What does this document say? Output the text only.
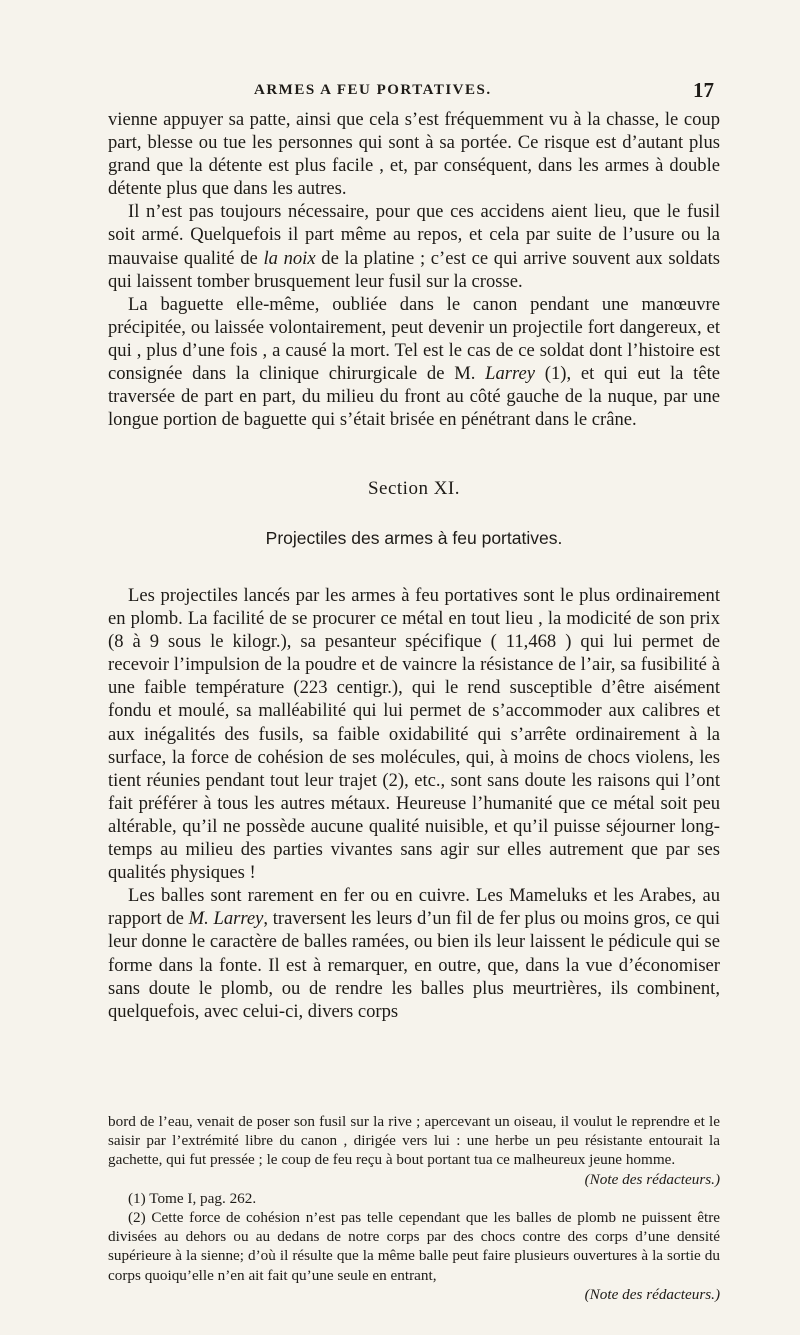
ARMES A FEU PORTATIVES.	17

vienne appuyer sa patte, ainsi que cela s’est fréquemment vu à la chasse, le coup part, blesse ou tue les personnes qui sont à sa portée. Ce risque est d’autant plus grand que la détente est plus facile , et, par conséquent, dans les armes à double détente plus que dans les autres.

Il n’est pas toujours nécessaire, pour que ces accidens aient lieu, que le fusil soit armé. Quelquefois il part même au repos, et cela par suite de l’usure ou la mauvaise qualité de la noix de la platine ; c’est ce qui arrive souvent aux soldats qui laissent tomber brusquement leur fusil sur la crosse.

La baguette elle-même, oubliée dans le canon pendant une manœuvre précipitée, ou laissée volontairement, peut devenir un projectile fort dangereux, et qui , plus d’une fois , a causé la mort. Tel est le cas de ce soldat dont l’histoire est consignée dans la clinique chirurgicale de M. Larrey (1), et qui eut la tête traversée de part en part, du milieu du front au côté gauche de la nuque, par une longue portion de baguette qui s’était brisée en pénétrant dans le crâne.

Section XI.
Projectiles des armes à feu portatives.

Les projectiles lancés par les armes à feu portatives sont le plus ordinairement en plomb. La facilité de se procurer ce métal en tout lieu , la modicité de son prix (8 à 9 sous le kilogr.), sa pesanteur spécifique ( 11,468 ) qui lui permet de recevoir l’impulsion de la poudre et de vaincre la résistance de l’air, sa fusibilité à une faible température (223 centigr.), qui le rend susceptible d’être aisément fondu et moulé, sa malléabilité qui lui permet de s’accommoder aux calibres et aux inégalités des fusils, sa faible oxidabilité qui s’arrête ordinairement à la surface, la force de cohésion de ses molécules, qui, à moins de chocs violens, les tient réunies pendant tout leur trajet (2), etc., sont sans doute les raisons qui l’ont fait préférer à tous les autres métaux. Heureuse l’humanité que ce métal soit peu altérable, qu’il ne possède aucune qualité nuisible, et qu’il puisse séjourner long-temps au milieu des parties vivantes sans agir sur elles autrement que par ses qualités physiques !

Les balles sont rarement en fer ou en cuivre. Les Mameluks et les Arabes, au rapport de M. Larrey, traversent les leurs d’un fil de fer plus ou moins gros, ce qui leur donne le caractère de balles ramées, ou bien ils leur laissent le pédicule qui se forme dans la fonte. Il est à remarquer, en outre, que, dans la vue d’économiser sans doute le plomb, ou de rendre les balles plus meurtrières, ils combinent, quelquefois, avec celui-ci, divers corps

bord de l’eau, venait de poser son fusil sur la rive ; apercevant un oiseau, il voulut le reprendre et le saisir par l’extrémité libre du canon , dirigée vers lui : une herbe un peu résistante entourait la gachette, qui fut pressée ; le coup de feu reçu à bout portant tua ce malheureux jeune homme.

(Note des rédacteurs.)

(1) Tome I, pag. 262.

(2) Cette force de cohésion n’est pas telle cependant que les balles de plomb ne puissent être divisées au dehors ou au dedans de notre corps par des chocs contre des corps d’une densité supérieure à la sienne; d’où il résulte que la même balle peut faire plusieurs ouvertures à la sortie du corps quoiqu’elle n’en ait fait qu’une seule en entrant,

(Note des rédacteurs.)
